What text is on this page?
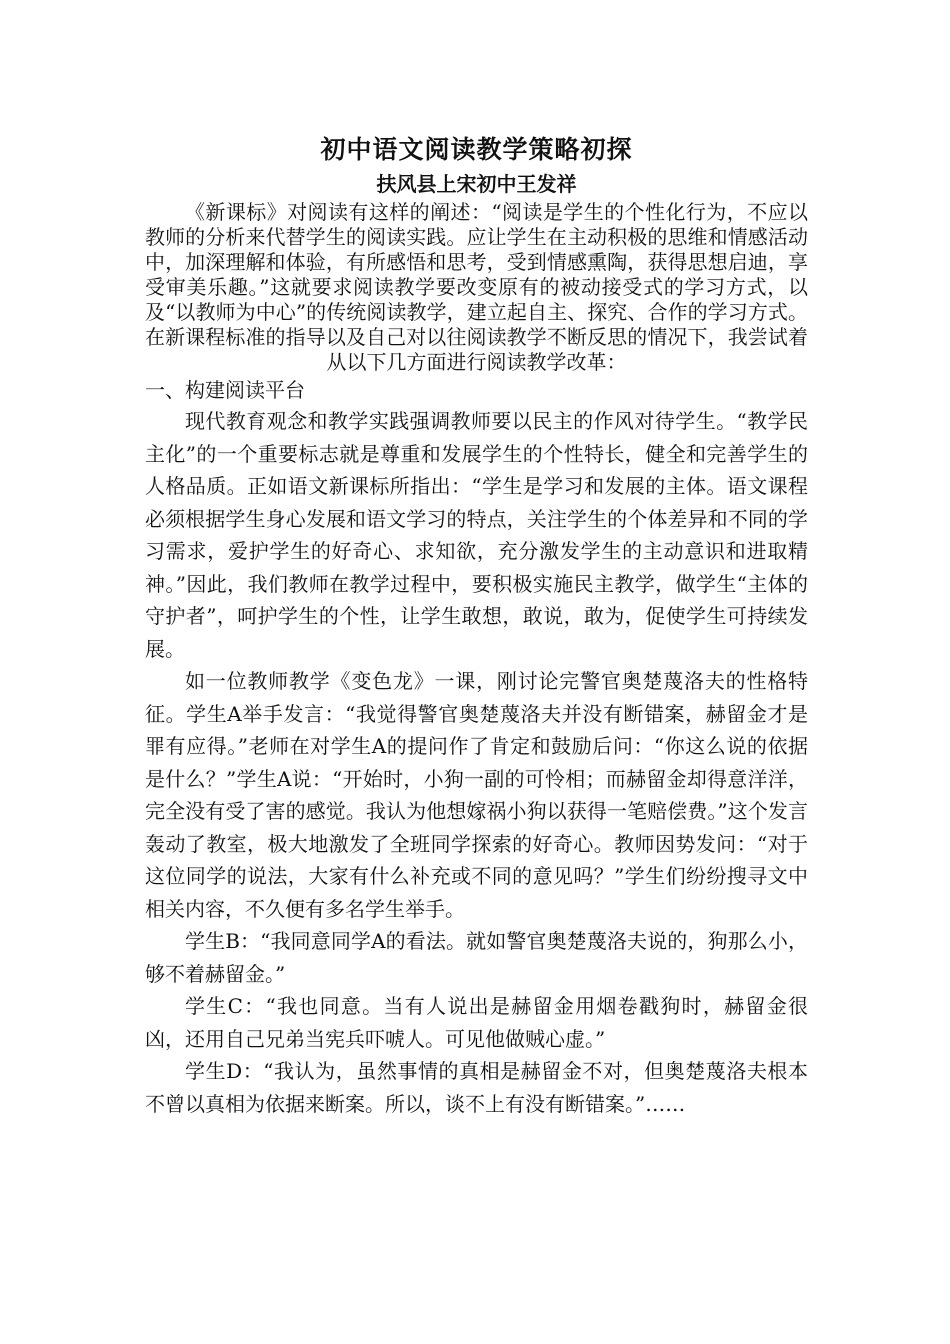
初中语文阅读教学策略初探
扶风县上宋初中王发祥

《新课标》对阅读有这样的阐述：“阅读是学生的个性化行为，不应以教师的分析来代替学生的阅读实践。应让学生在主动积极的思维和情感活动中，加深理解和体验，有所感悟和思考，受到情感熏陶，获得思想启迪，享受审美乐趣。”这就要求阅读教学要改变原有的被动接受式的学习方式，以及“以教师为中心”的传统阅读教学，建立起自主、探究、合作的学习方式。在新课程标准的指导以及自己对以往阅读教学不断反思的情况下，我尝试着从以下几方面进行阅读教学改革：

一、构建阅读平台

现代教育观念和教学实践强调教师要以民主的作风对待学生。“教学民主化”的一个重要标志就是尊重和发展学生的个性特长，健全和完善学生的人格品质。正如语文新课标所指出：“学生是学习和发展的主体。语文课程必须根据学生身心发展和语文学习的特点，关注学生的个体差异和不同的学习需求，爱护学生的好奇心、求知欲，充分激发学生的主动意识和进取精神。”因此，我们教师在教学过程中，要积极实施民主教学，做学生“主体的守护者”，呵护学生的个性，让学生敢想，敢说，敢为，促使学生可持续发展。

如一位教师教学《变色龙》一课，刚讨论完警官奥楚蔑洛夫的性格特征。学生A举手发言：“我觉得警官奥楚蔑洛夫并没有断错案，赫留金才是罪有应得。”老师在对学生A的提问作了肯定和鼓励后问：“你这么说的依据是什么？”学生A说：“开始时，小狗一副的可怜相；而赫留金却得意洋洋，完全没有受了害的感觉。我认为他想嫁祸小狗以获得一笔赔偿费。”这个发言轰动了教室，极大地激发了全班同学探索的好奇心。教师因势发问：“对于这位同学的说法，大家有什么补充或不同的意见吗？”学生们纷纷搜寻文中相关内容，不久便有多名学生举手。

学生B：“我同意同学A的看法。就如警官奥楚蔑洛夫说的，狗那么小，够不着赫留金。”

学生C：“我也同意。当有人说出是赫留金用烟卷戳狗时，赫留金很凶，还用自己兄弟当宪兵吓唬人。可见他做贼心虚。”

学生D：“我认为，虽然事情的真相是赫留金不对，但奥楚蔑洛夫根本不曾以真相为依据来断案。所以，谈不上有没有断错案。”……
